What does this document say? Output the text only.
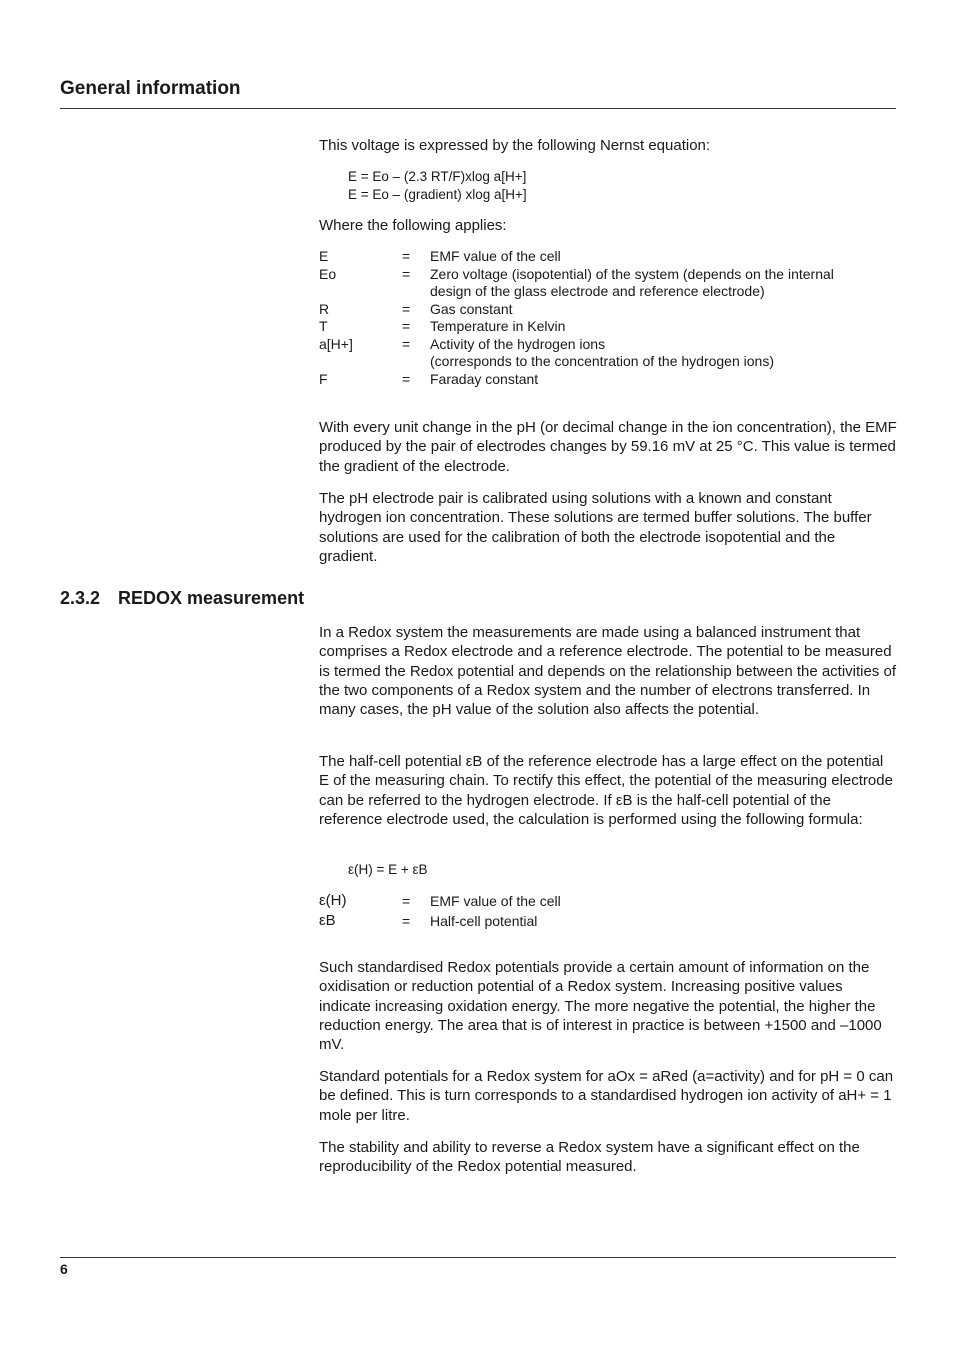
General information

This voltage is expressed by the following Nernst equation:

E = Eo – (2.3 RT/F)xlog a[H+]
E = Eo – (gradient) xlog a[H+]

Where the following applies:

E	=	EMF value of the cell
Eo	=	Zero voltage (isopotential) of the system (depends on the internal
design of the glass electrode and reference electrode)
R	=	Gas constant
T	=	Temperature in Kelvin
a[H+]	=	Activity of the hydrogen ions
(corresponds to the concentration of the hydrogen ions)
F	=	Faraday constant

With every unit change in the pH (or decimal change in the ion concentration), the EMF produced by the pair of electrodes changes by 59.16 mV at 25 °C. This value is termed the gradient of the electrode.

The pH electrode pair is calibrated using solutions with a known and constant hydrogen ion concentration. These solutions are termed buffer solutions. The buffer solutions are used for the calibration of both the electrode isopotential and the gradient.

2.3.2 REDOX measurement

In a Redox system the measurements are made using a balanced instrument that comprises a Redox electrode and a reference electrode. The potential to be measured is termed the Redox potential and depends on the relationship between the activities of the two components of a Redox system and the number of electrons transferred. In many cases, the pH value of the solution also affects the potential.

The half-cell potential εB of the reference electrode has a large effect on the potential E of the measuring chain. To rectify this effect, the potential of the measuring electrode can be referred to the hydrogen electrode. If εB is the half-cell potential of the reference electrode used, the calculation is performed using the following formula:

ε(H) = E + εB
ε(H)	=	EMF value of the cell
εB	=	Half-cell potential

Such standardised Redox potentials provide a certain amount of information on the oxidisation or reduction potential of a Redox system. Increasing positive values indicate increasing oxidation energy. The more negative the potential, the higher the reduction energy. The area that is of interest in practice is between +1500 and –1000 mV.

Standard potentials for a Redox system for aOx = aRed (a=activity) and for pH = 0 can be defined. This is turn corresponds to a standardised hydrogen ion activity of aH+ = 1 mole per litre.

The stability and ability to reverse a Redox system have a significant effect on the reproducibility of the Redox potential measured.

6
